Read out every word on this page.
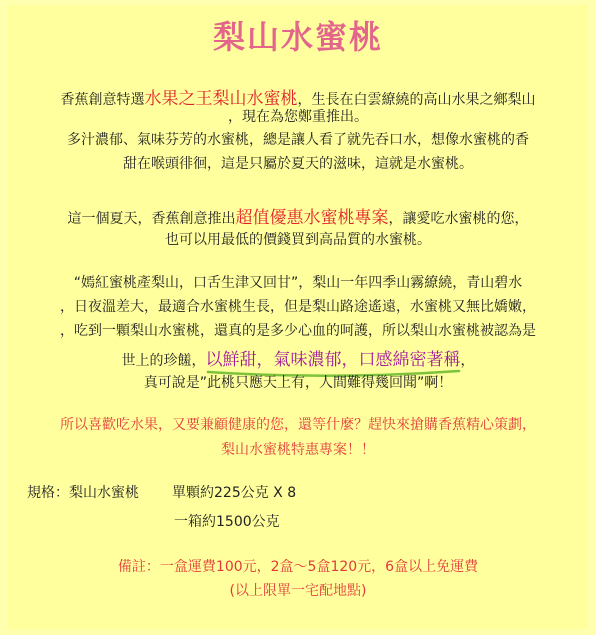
梨山水蜜桃
香蕉創意特選水果之王梨山水蜜桃，生長在白雲繚繞的高山水果之鄉梨山
，現在為您鄭重推出。
多汁濃郁、氣味芬芳的水蜜桃，總是讓人看了就先吞口水，想像水蜜桃的香
甜在喉頭徘徊，這是只屬於夏天的滋味，這就是水蜜桃。
這一個夏天，香蕉創意推出超值優惠水蜜桃專案，讓愛吃水蜜桃的您，
也可以用最低的價錢買到高品質的水蜜桃。
“嫣紅蜜桃產梨山，口舌生津又回甘”，梨山一年四季山霧繚繞，青山碧水
，日夜溫差大，最適合水蜜桃生長，但是梨山路途遙遠，水蜜桃又無比嬌嫩，
，吃到一顆梨山水蜜桃，還真的是多少心血的呵護，所以梨山水蜜桃被認為是
世上的珍饈，以鮮甜，氣味濃郁，口感綿密著稱
，
真可說是”此桃只應天上有，人間難得幾回聞”啊！
所以喜歡吃水果，又要兼顧健康的您，還等什麼？趕快來搶購香蕉精心策劃，
梨山水蜜桃特惠專案！！
規格：梨山水蜜桃 單顆約225公克 X 8
一箱約1500公克
備註：一盒運費100元，2盒～5盒120元，6盒以上免運費
(以上限單一宅配地點)
